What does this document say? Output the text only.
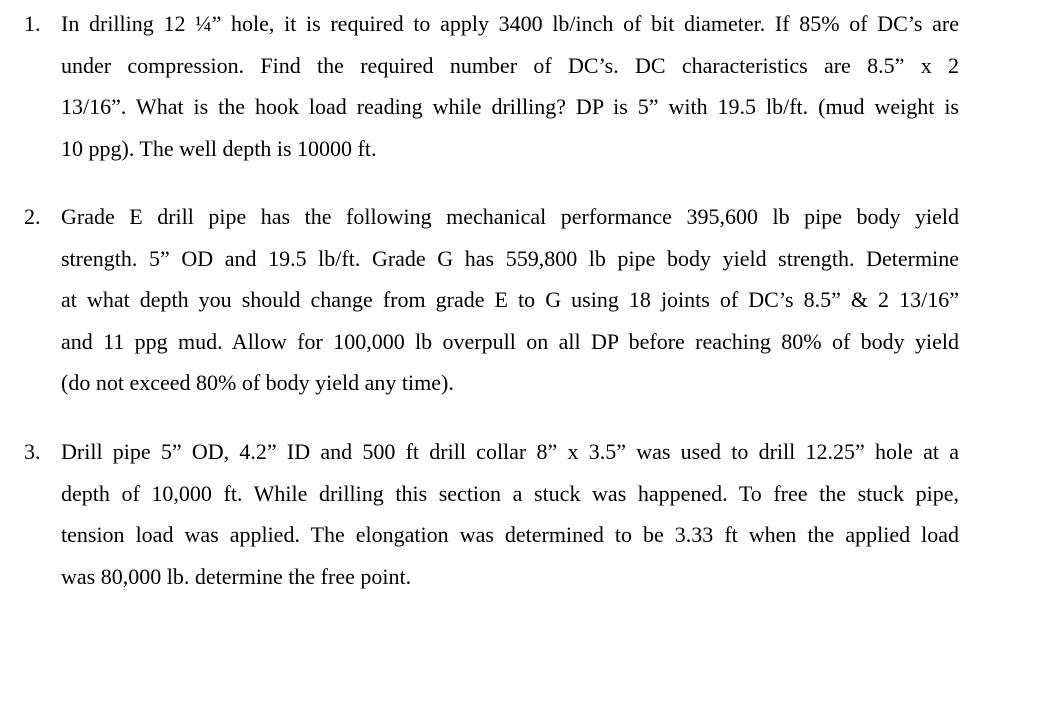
1. In drilling 12 ¼” hole, it is required to apply 3400 lb/inch of bit diameter. If 85% of DC’s are
under compression. Find the required number of DC’s. DC characteristics are 8.5” x 2
13/16”. What is the hook load reading while drilling? DP is 5” with 19.5 lb/ft. (mud weight is
10 ppg). The well depth is 10000 ft.
2. Grade E drill pipe has the following mechanical performance 395,600 lb pipe body yield
strength. 5” OD and 19.5 lb/ft. Grade G has 559,800 lb pipe body yield strength. Determine
at what depth you should change from grade E to G using 18 joints of DC’s 8.5” & 2 13/16”
and 11 ppg mud. Allow for 100,000 lb overpull on all DP before reaching 80% of body yield
(do not exceed 80% of body yield any time).
3. Drill pipe 5” OD, 4.2” ID and 500 ft drill collar 8” x 3.5” was used to drill 12.25” hole at a
depth of 10,000 ft. While drilling this section a stuck was happened. To free the stuck pipe,
tension load was applied. The elongation was determined to be 3.33 ft when the applied load
was 80,000 lb. determine the free point.
